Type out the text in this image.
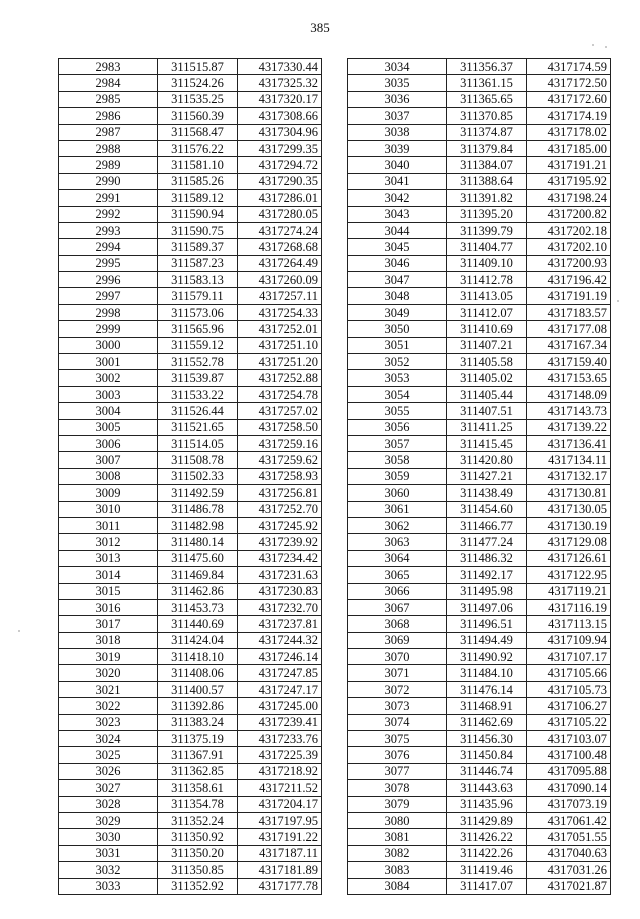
385
2983	311515.87	4317330.44
2984	311524.26	4317325.32
2985	311535.25	4317320.17
2986	311560.39	4317308.66
2987	311568.47	4317304.96
2988	311576.22	4317299.35
2989	311581.10	4317294.72
2990	311585.26	4317290.35
2991	311589.12	4317286.01
2992	311590.94	4317280.05
2993	311590.75	4317274.24
2994	311589.37	4317268.68
2995	311587.23	4317264.49
2996	311583.13	4317260.09
2997	311579.11	4317257.11
2998	311573.06	4317254.33
2999	311565.96	4317252.01
3000	311559.12	4317251.10
3001	311552.78	4317251.20
3002	311539.87	4317252.88
3003	311533.22	4317254.78
3004	311526.44	4317257.02
3005	311521.65	4317258.50
3006	311514.05	4317259.16
3007	311508.78	4317259.62
3008	311502.33	4317258.93
3009	311492.59	4317256.81
3010	311486.78	4317252.70
3011	311482.98	4317245.92
3012	311480.14	4317239.92
3013	311475.60	4317234.42
3014	311469.84	4317231.63
3015	311462.86	4317230.83
3016	311453.73	4317232.70
3017	311440.69	4317237.81
3018	311424.04	4317244.32
3019	311418.10	4317246.14
3020	311408.06	4317247.85
3021	311400.57	4317247.17
3022	311392.86	4317245.00
3023	311383.24	4317239.41
3024	311375.19	4317233.76
3025	311367.91	4317225.39
3026	311362.85	4317218.92
3027	311358.61	4317211.52
3028	311354.78	4317204.17
3029	311352.24	4317197.95
3030	311350.92	4317191.22
3031	311350.20	4317187.11
3032	311350.85	4317181.89
3033	311352.92	4317177.78
3034	311356.37	4317174.59
3035	311361.15	4317172.50
3036	311365.65	4317172.60
3037	311370.85	4317174.19
3038	311374.87	4317178.02
3039	311379.84	4317185.00
3040	311384.07	4317191.21
3041	311388.64	4317195.92
3042	311391.82	4317198.24
3043	311395.20	4317200.82
3044	311399.79	4317202.18
3045	311404.77	4317202.10
3046	311409.10	4317200.93
3047	311412.78	4317196.42
3048	311413.05	4317191.19
3049	311412.07	4317183.57
3050	311410.69	4317177.08
3051	311407.21	4317167.34
3052	311405.58	4317159.40
3053	311405.02	4317153.65
3054	311405.44	4317148.09
3055	311407.51	4317143.73
3056	311411.25	4317139.22
3057	311415.45	4317136.41
3058	311420.80	4317134.11
3059	311427.21	4317132.17
3060	311438.49	4317130.81
3061	311454.60	4317130.05
3062	311466.77	4317130.19
3063	311477.24	4317129.08
3064	311486.32	4317126.61
3065	311492.17	4317122.95
3066	311495.98	4317119.21
3067	311497.06	4317116.19
3068	311496.51	4317113.15
3069	311494.49	4317109.94
3070	311490.92	4317107.17
3071	311484.10	4317105.66
3072	311476.14	4317105.73
3073	311468.91	4317106.27
3074	311462.69	4317105.22
3075	311456.30	4317103.07
3076	311450.84	4317100.48
3077	311446.74	4317095.88
3078	311443.63	4317090.14
3079	311435.96	4317073.19
3080	311429.89	4317061.42
3081	311426.22	4317051.55
3082	311422.26	4317040.63
3083	311419.46	4317031.26
3084	311417.07	4317021.87
